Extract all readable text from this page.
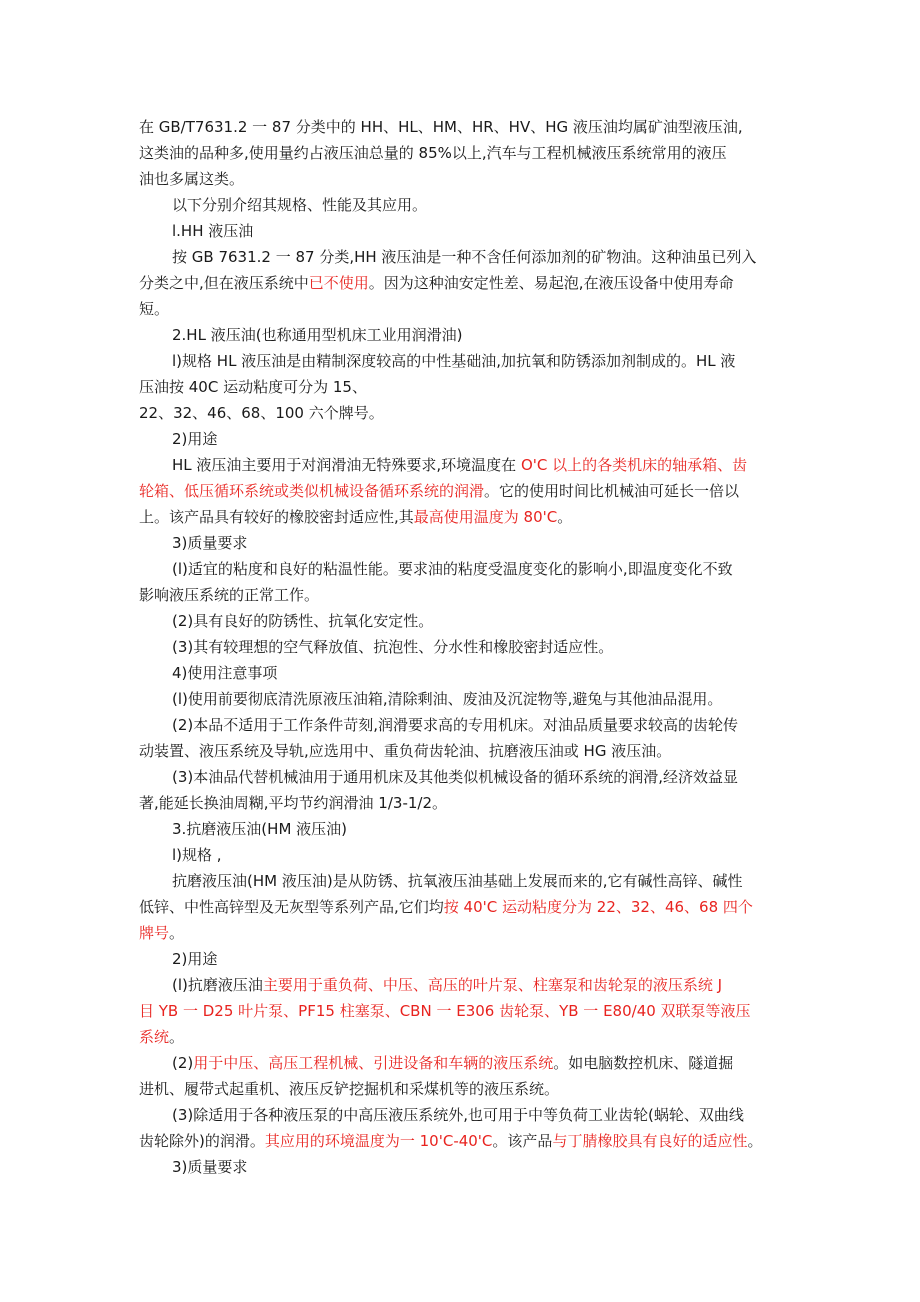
在 GB/T7631.2 一 87 分类中的 HH、HL、HM、HR、HⅤ、HG 液压油均属矿油型液压油,
这类油的品种多,使用量约占液压油总量的 85%以上,汽车与工程机械液压系统常用的液压
油也多属这类。
以下分别介绍其规格、性能及其应用。
l.HH 液压油
按 GB 7631.2 一 87 分类,HH 液压油是一种不含任何添加剂的矿物油。这种油虽已列入
分类之中,但在液压系统中已不使用。因为这种油安定性差、易起泡,在液压设备中使用寿命
短。
2.HL 液压油(也称通用型机床工业用润滑油)
l)规格 HL 液压油是由精制深度较高的中性基础油,加抗氧和防锈添加剂制成的。HL 液
压油按 40C 运动粘度可分为 15、
22、32、46、68、100 六个牌号。
2)用途
HL 液压油主要用于对润滑油无特殊要求,环境温度在 O'C 以上的各类机床的轴承箱、齿
轮箱、低压循环系统或类似机械设备循环系统的润滑。它的使用时间比机械油可延长一倍以
上。该产品具有较好的橡胶密封适应性,其最高使用温度为 80'C。
3)质量要求
(l)适宜的粘度和良好的粘温性能。要求油的粘度受温度变化的影响小,即温度变化不致
影响液压系统的正常工作。
(2)具有良好的防锈性、抗氧化安定性。
(3)其有较理想的空气释放值、抗泡性、分水性和橡胶密封适应性。
4)使用注意事项
(l)使用前要彻底清洗原液压油箱,清除剩油、废油及沉淀物等,避兔与其他油品混用。
(2)本品不适用于工作条件苛刻,润滑要求高的专用机床。对油品质量要求较高的齿轮传
动装置、液压系统及导轨,应选用中、重负荷齿轮油、抗磨液压油或 HG 液压油。
(3)本油品代替机械油用于通用机床及其他类似机械设备的循环系统的润滑,经济效益显
著,能延长换油周糊,平均节约润滑油 1/3-1/2。
3.抗磨液压油(HM 液压油)
l)规格 ,
抗磨液压油(HM 液压油)是从防锈、抗氧液压油基础上发展而来的,它有碱性高锌、碱性
低锌、中性高锌型及无灰型等系列产品,它们均按 40'C 运动粘度分为 22、32、46、68 四个
牌号。
2)用途
(l)抗磨液压油主要用于重负荷、中压、高压的叶片泵、柱塞泵和齿轮泵的液压系统 J
目 YB 一 D25 叶片泵、PF15 柱塞泵、CBN 一 E306 齿轮泵、YB 一 E80/40 双联泵等液压
系统。
(2)用于中压、高压工程机械、引进设备和车辆的液压系统。如电脑数控机床、隧道掘
进机、履带式起重机、液压反铲挖掘机和采煤机等的液压系统。
(3)除适用于各种液压泵的中高压液压系统外,也可用于中等负荷工业齿轮(蜗轮、双曲线
齿轮除外)的润滑。其应用的环境温度为一 10'C-40'C。该产品与丁腈橡胶具有良好的适应性。
3)质量要求
